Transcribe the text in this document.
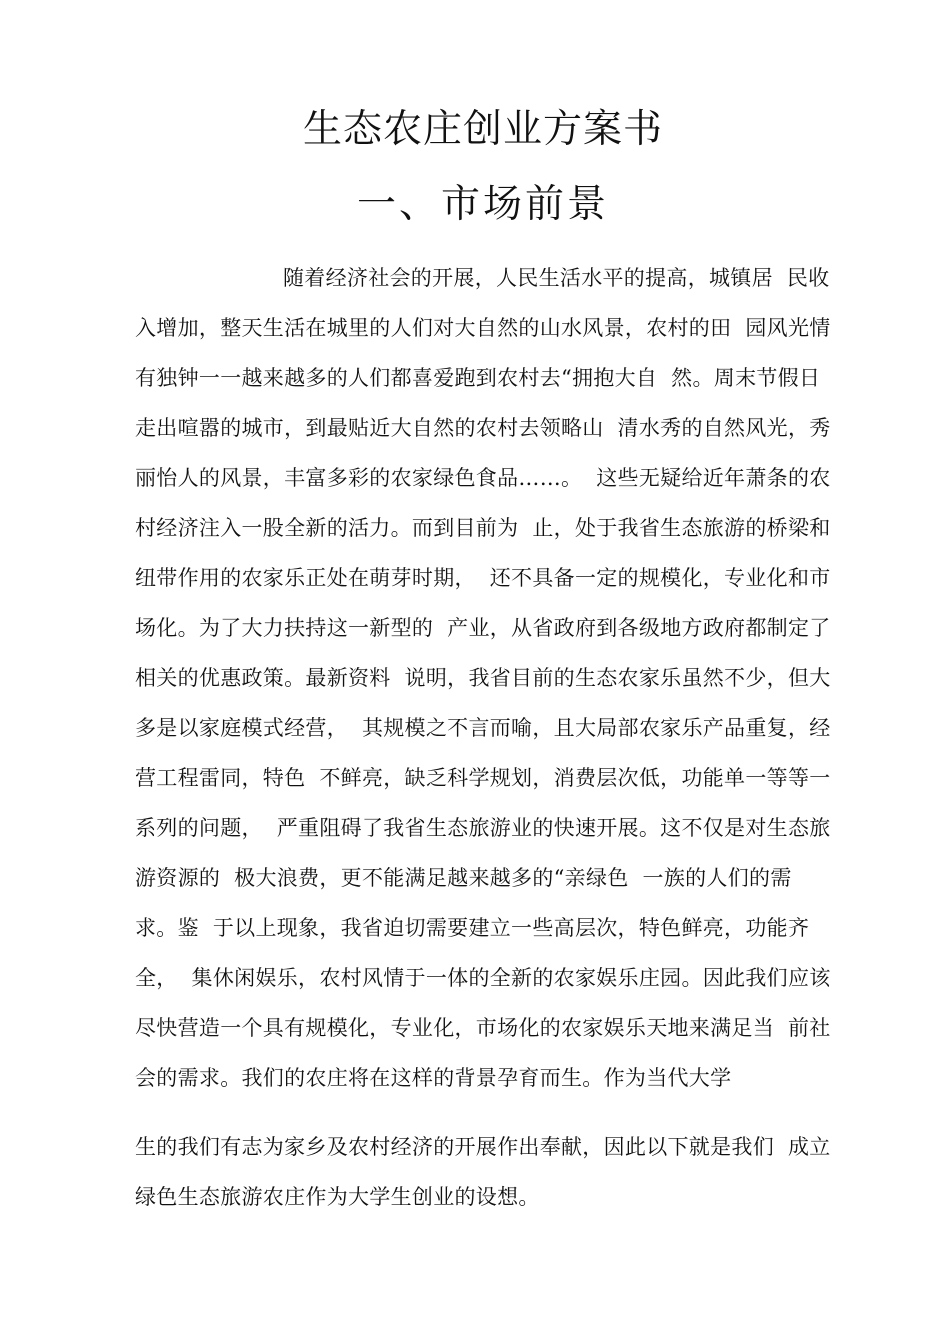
生态农庄创业方案书
一、市场前景
随着经济社会的开展，人民生活水平的提高，城镇居  民收
入增加，整天生活在城里的人们对大自然的山水风景，农村的田  园风光情
有独钟一一越来越多的人们都喜爱跑到农村去“拥抱大自  然。周末节假日
走出喧嚣的城市，到最贴近大自然的农村去领略山  清水秀的自然风光，秀
丽怡人的风景，丰富多彩的农家绿色食品……。  这些无疑给近年萧条的农
村经济注入一股全新的活力。而到目前为  止，处于我省生态旅游的桥梁和
纽带作用的农家乐正处在萌芽时期，  还不具备一定的规模化，专业化和市
场化。为了大力扶持这一新型的  产业，从省政府到各级地方政府都制定了
相关的优惠政策。最新资料  说明，我省目前的生态农家乐虽然不少，但大
多是以家庭模式经营，  其规模之不言而喻，且大局部农家乐产品重复，经
营工程雷同，特色  不鲜亮，缺乏科学规划，消费层次低，功能单一等等一
系列的问题，  严重阻碍了我省生态旅游业的快速开展。这不仅是对生态旅
游资源的  极大浪费，更不能满足越来越多的“亲绿色  一族的人们的需
求。鉴  于以上现象，我省迫切需要建立一些高层次，特色鲜亮，功能齐
全，  集休闲娱乐，农村风情于一体的全新的农家娱乐庄园。因此我们应该
尽快营造一个具有规模化，专业化，市场化的农家娱乐天地来满足当  前社
会的需求。我们的农庄将在这样的背景孕育而生。作为当代大学
生的我们有志为家乡及农村经济的开展作出奉献，因此以下就是我们  成立
绿色生态旅游农庄作为大学生创业的设想。
